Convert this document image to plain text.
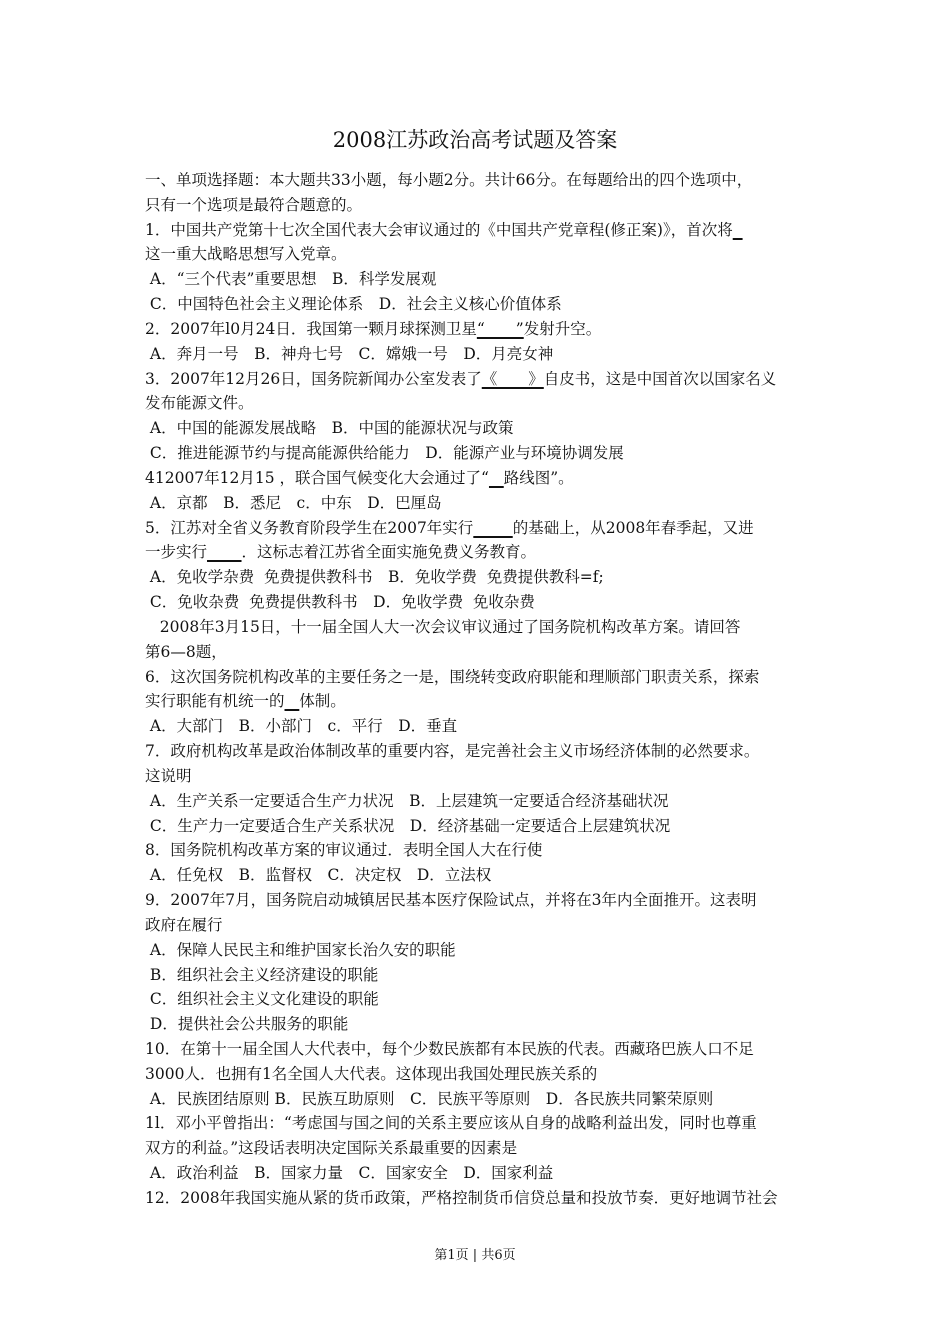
2008江苏政治高考试题及答案
一、单项选择题：本大题共33小题，每小题2分。共计66分。在每题给出的四个选项中，
只有一个选项是最符合题意的。
1．中国共产党第十七次全国代表大会审议通过的《中国共产党章程(修正案)》，首次将
这一重大战略思想写入党章。
A．“三个代表”重要思想　B．科学发展观
C．中国特色社会主义理论体系　D．社会主义核心价值体系
2．2007年l0月24日．我国第一颗月球探测卫星“　　”发射升空。
A．奔月一号　B．神舟七号　C．嫦娥一号　D．月亮女神
3．2007年12月26日，国务院新闻办公室发表了《　　》自皮书，这是中国首次以国家名义
发布能源文件。
A．中国的能源发展战略　B．中国的能源状况与政策
C．推进能源节约与提高能源供给能力　D．能源产业与环境协调发展
412007年12月15 ，联合国气候变化大会通过了“ 路线图”。
A．京都　B．悉尼　c．中东　D．巴厘岛
5．江苏对全省义务教育阶段学生在2007年实行	的基础上，从2008年春季起，又进
一步实行 ．这标志着江苏省全面实施免费义务教育。
A．免收学杂费  免费提供教科书　B．免收学费  免费提供教科=f;
C．免收杂费  免费提供教科书　D．免收学费  免收杂费
2008年3月15日，十一届全国人大一次会议审议通过了国务院机构改革方案。请回答
第6—8题，
6．这次国务院机构改革的主要任务之一是，围绕转变政府职能和理顺部门职责关系，探索
实行职能有机统一的 体制。
A．大部门　B．小部门　c．平行　D．垂直
7．政府机构改革是政治体制改革的重要内容，是完善社会主义市场经济体制的必然要求。
这说明
A．生产关系一定要适合生产力状况　B．上层建筑一定要适合经济基础状况
C．生产力一定要适合生产关系状况　D．经济基础一定要适合上层建筑状况
8．国务院机构改革方案的审议通过．表明全国人大在行使
A．任免权　B．监督权　C．决定权　D．立法权
9．2007年7月，国务院启动城镇居民基本医疗保险试点，并将在3年内全面推开。这表明
政府在履行
A．保障人民民主和维护国家长治久安的职能
B．组织社会主义经济建设的职能
C．组织社会主义文化建设的职能
D．提供社会公共服务的职能
10．在第十一届全国人大代表中，每个少数民族都有本民族的代表。西藏珞巴族人口不足
3000人．也拥有1名全国人大代表。这体现出我国处理民族关系的
A．民族团结原则 B．民族互助原则　C．民族平等原则　D．各民族共同繁荣原则
1l．邓小平曾指出：“考虑国与国之间的关系主要应该从自身的战略利益出发，同时也尊重
双方的利益。”这段话表明决定国际关系最重要的因素是
A．政治利益　B．国家力量　C．国家安全　D．国家利益
12．2008年我国实施从紧的货币政策，严格控制货币信贷总量和投放节奏．更好地调节社会
第1页 | 共6页
